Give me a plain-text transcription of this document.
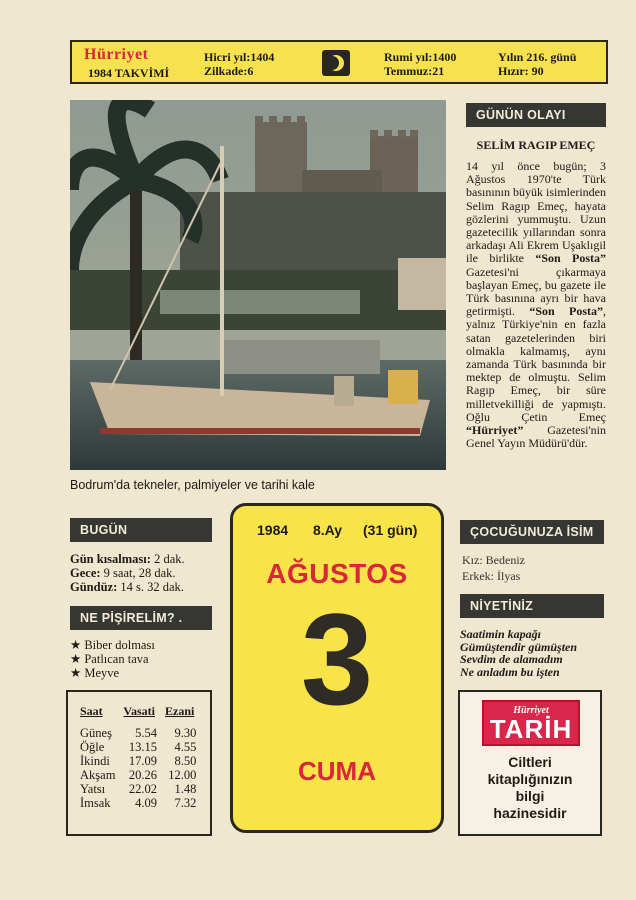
Hürriyet
1984 TAKVİMİ
Hicri yıl:1404
Zilkade:6
Rumi yıl:1400
Temmuz:21
Yılın 216. günü
Hızır: 90
Bodrum'da tekneler, palmiyeler ve tarihi kale
GÜNÜN OLAYI
SELİM RAGIP EMEÇ
14 yıl önce bugün; 3 Ağustos 1970'te Türk basınının büyük isimlerinden Selim Ragıp Emeç, hayata gözlerini yummuştu. Uzun gazetecilik yıllarından sonra arkadaşı Ali Ekrem Uşaklıgil ile birlikte “Son Posta” Gazetesi'ni çıkarmaya başlayan Emeç, bu gazete ile Türk basınına ayrı bir hava getirmişti. “Son Posta”, yalnız Türkiye'nin en fazla satan gazetelerinden biri olmakla kalmamış, aynı zamanda Türk basınında bir mektep de olmuştu. Selim Ragıp Emeç, bir süre milletvekilliği de yapmıştı. Oğlu Çetin Emeç “Hürriyet” Gazetesi'nin Genel Yayın Müdürü'dür.
BUGÜN
Gün kısalması: 2 dak.
Gece: 9 saat, 28 dak.
Gündüz: 14 s. 32 dak.
NE PİŞİRELİM? .
★ Biber dolması
★ Patlıcan tava
★ Meyve
Saat	Vasati	Ezani
Güneş	5.54	9.30
Öğle	13.15	4.55
İkindi	17.09	8.50
Akşam	20.26	12.00
Yatsı	22.02	1.48
İmsak	4.09	7.32
1984 8.Ay (31 gün)
AĞUSTOS
3
CUMA
ÇOCUĞUNUZA İSİM
Kız: Bedeniz
Erkek: İlyas
NİYETİNİZ
Saatimin kapağı
Gümüştendir gümüşten
Sevdim de alamadım
Ne anladım bu işten
Hürriyet
TARİH
Ciltleri
kitaplığınızın
bilgi
hazinesidir
